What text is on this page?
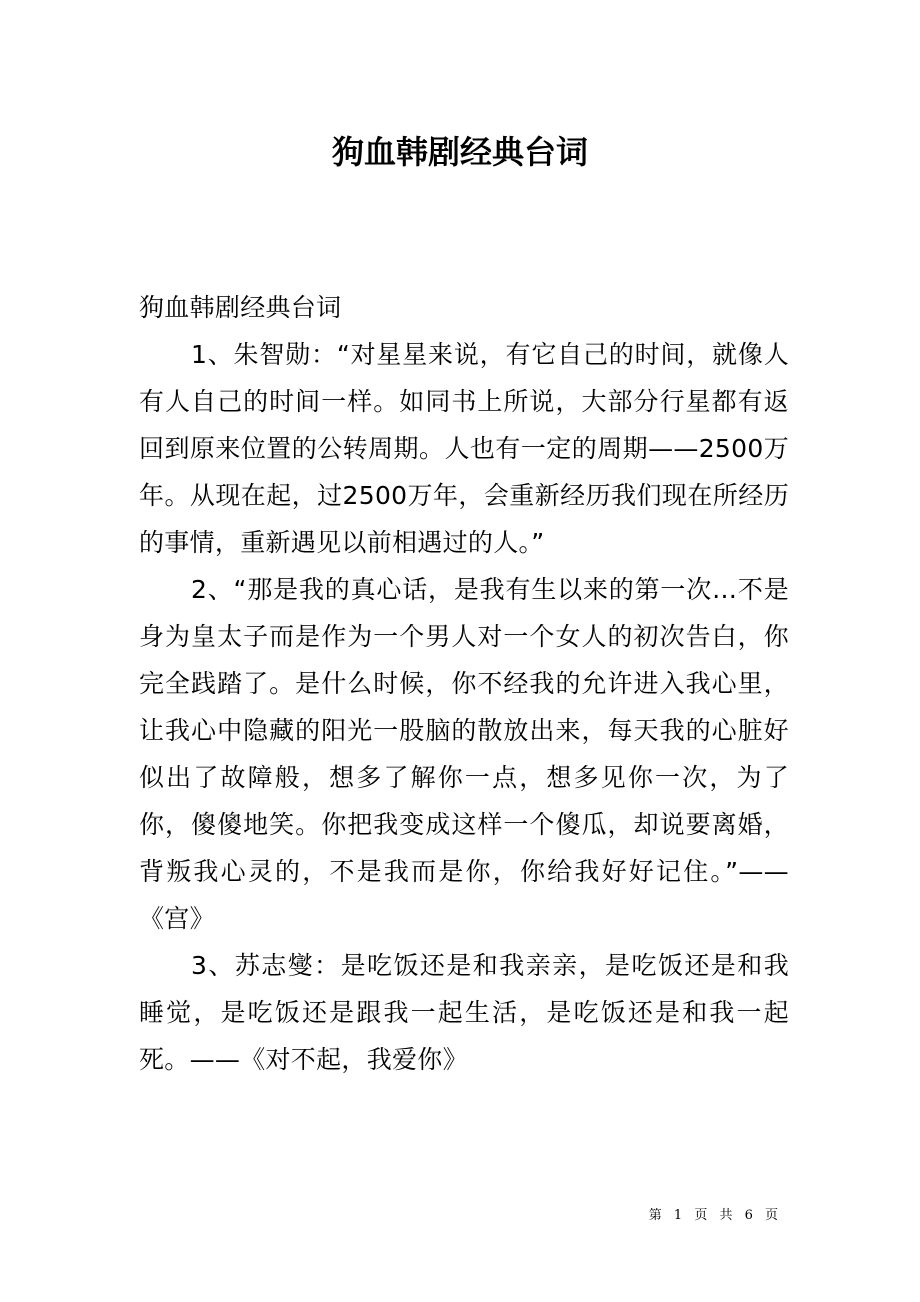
狗血韩剧经典台词

狗血韩剧经典台词

1、朱智勋：“对星星来说，有它自己的时间，就像人有人自己的时间一样。如同书上所说，大部分行星都有返回到原来位置的公转周期。人也有一定的周期——2500万年。从现在起，过2500万年，会重新经历我们现在所经历的事情，重新遇见以前相遇过的人。”

2、“那是我的真心话，是我有生以来的第一次…不是身为皇太子而是作为一个男人对一个女人的初次告白，你完全践踏了。是什么时候，你不经我的允许进入我心里，让我心中隐藏的阳光一股脑的散放出来，每天我的心脏好似出了故障般，想多了解你一点，想多见你一次，为了你，傻傻地笑。你把我变成这样一个傻瓜，却说要离婚，背叛我心灵的，不是我而是你，你给我好好记住。”——《宫》

3、苏志燮：是吃饭还是和我亲亲，是吃饭还是和我睡觉，是吃饭还是跟我一起生活，是吃饭还是和我一起死。——《对不起，我爱你》

第 1 页 共 6 页
